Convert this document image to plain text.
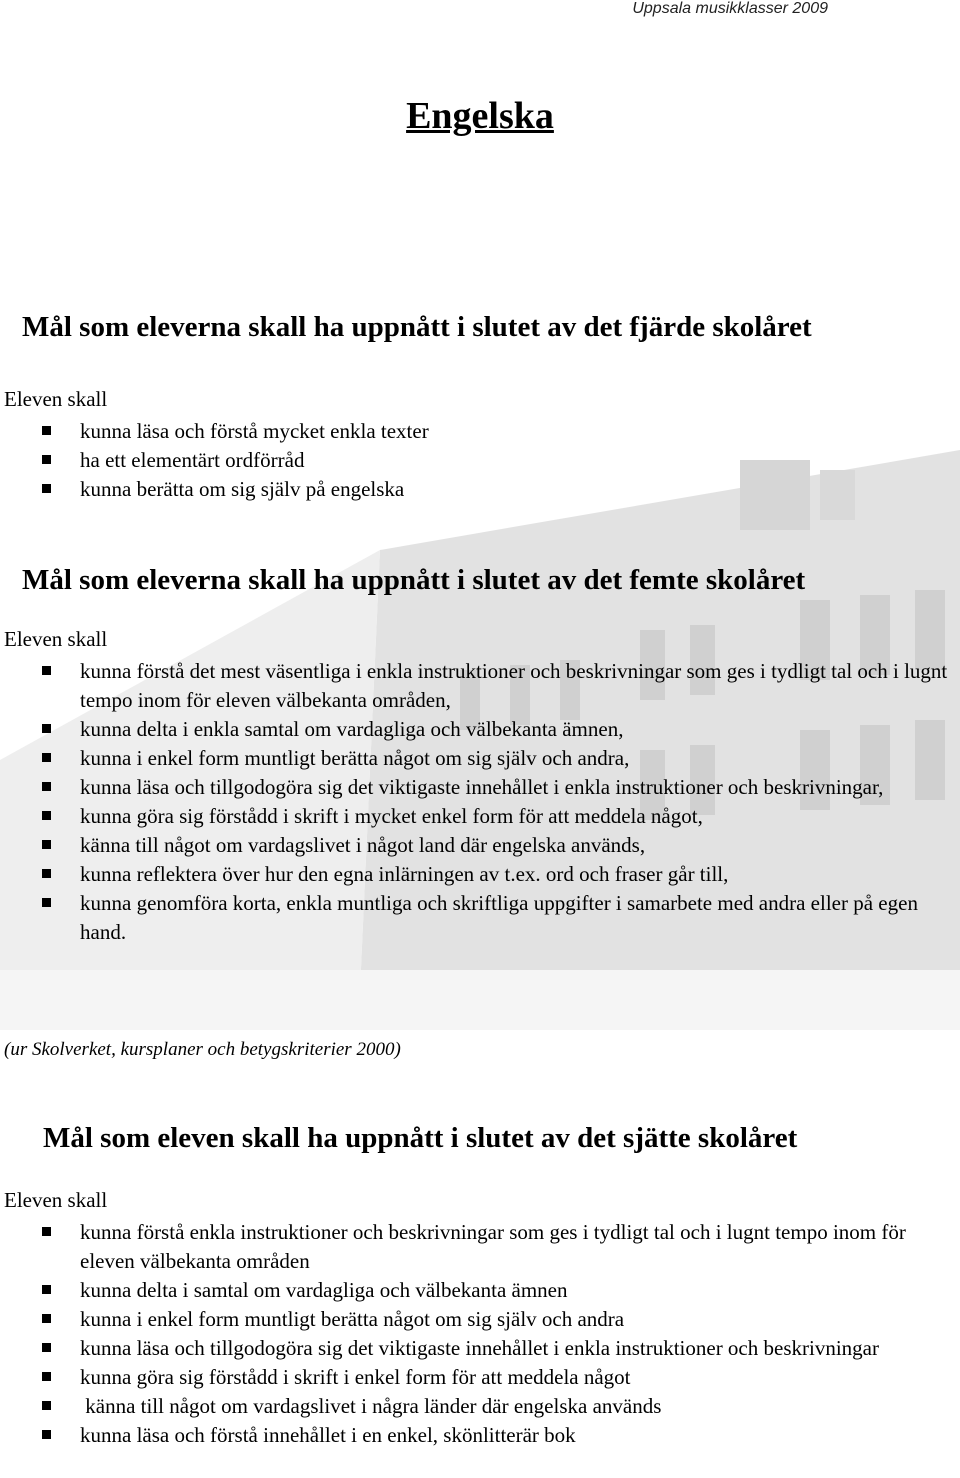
Uppsala musikklasser 2009
Engelska
Mål som eleverna skall ha uppnått i slutet av det fjärde skolåret
Eleven skall
kunna läsa och förstå mycket enkla texter
ha ett elementärt ordförråd
kunna berätta om sig själv på engelska
Mål som eleverna skall ha uppnått i slutet av det femte skolåret
Eleven skall
kunna förstå det mest väsentliga i enkla instruktioner och beskrivningar som ges i tydligt tal och i lugnt tempo inom för eleven välbekanta områden,
kunna delta i enkla samtal om vardagliga och välbekanta ämnen,
kunna i enkel form muntligt berätta något om sig själv och andra,
kunna läsa och tillgodogöra sig det viktigaste innehållet i enkla instruktioner och beskrivningar,
kunna göra sig förstådd i skrift i mycket enkel form för att meddela något,
känna till något om vardagslivet i något land där engelska används,
kunna reflektera över hur den egna inlärningen av t.ex. ord och fraser går till,
kunna genomföra korta, enkla muntliga och skriftliga uppgifter i samarbete med andra eller på egen hand.
(ur Skolverket, kursplaner och betygskriterier 2000)
Mål som eleven skall ha uppnått i slutet av det sjätte skolåret
Eleven skall
kunna förstå enkla instruktioner och beskrivningar som ges i tydligt tal och i lugnt tempo inom för eleven välbekanta områden
kunna delta i samtal om vardagliga och välbekanta ämnen
kunna i enkel form muntligt berätta något om sig själv och andra
kunna läsa och tillgodogöra sig det viktigaste innehållet i enkla instruktioner och beskrivningar
kunna göra sig förstådd i skrift i enkel form för att meddela något
känna till något om vardagslivet i några länder där engelska används
kunna läsa och förstå innehållet i en enkel, skönlitterär bok
